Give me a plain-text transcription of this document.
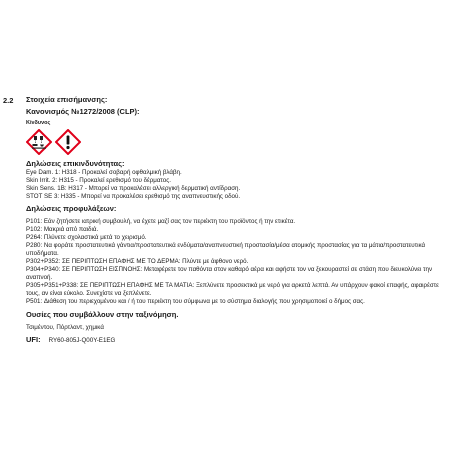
2.2 Στοιχεία επισήμανσης:
Κανονισμός №1272/2008 (CLP):
Κίνδυνος
Δηλώσεις επικινδυνότητας:
Eye Dam. 1: H318 - Προκαλεί σοβαρή οφθαλμική βλάβη.
Skin Irrit. 2: H315 - Προκαλεί ερεθισμό του δέρματος.
Skin Sens. 1B: H317 - Μπορεί να προκαλέσει αλλεργική δερματική αντίδραση.
STOT SE 3: H335 - Μπορεί να προκαλέσει ερεθισμό της αναπνευστικής οδού.
Δηλώσεις προφυλάξεων:
P101: Εάν ζητήσετε ιατρική συμβουλή, να έχετε μαζί σας τον περιέκτη του προϊόντος ή την ετικέτα.
P102: Μακριά από παιδιά.
P264: Πλύνετε σχολαστικά μετά το χειρισμό.
P280: Να φοράτε προστατευτικά γάντια/προστατευτικά ενδύματα/αναπνευστική προστασία/μέσα ατομικής προστασίας για τα μάτια/προστατευτικά υποδήματα.
P302+P352: ΣΕ ΠΕΡΙΠΤΩΣΗ ΕΠΑΦΗΣ ΜΕ ΤΟ ΔΕΡΜΑ: Πλύντε με άφθονο νερό.
P304+P340: ΣΕ ΠΕΡΙΠΤΩΣΗ ΕΙΣΠΝΟΗΣ: Μεταφέρετε τον παθόντα στον καθαρό αέρα και αφήστε τον να ξεκουραστεί σε στάση που διευκολύνει την αναπνοή.
P305+P351+P338: ΣΕ ΠΕΡΙΠΤΩΣΗ ΕΠΑΦΗΣ ΜΕ ΤΑ ΜΑΤΙΑ: Ξεπλύνετε προσεκτικά με νερό για αρκετά λεπτά. Αν υπάρχουν φακοί επαφής, αφαιρέστε τους, αν είναι εύκολο. Συνεχίστε να ξεπλένετε.
P501: Διάθεση του περιεχομένου και / ή του περιέκτη του σύμφωνα με το σύστημα διαλογής που χρησιμοποιεί ο δήμος σας.
Ουσίες που συμβάλλουν στην ταξινόμηση.
Τσιμέντου, Πόρτλαντ, χημικά
UFI: RY60-805J-Q00Y-E1EG
